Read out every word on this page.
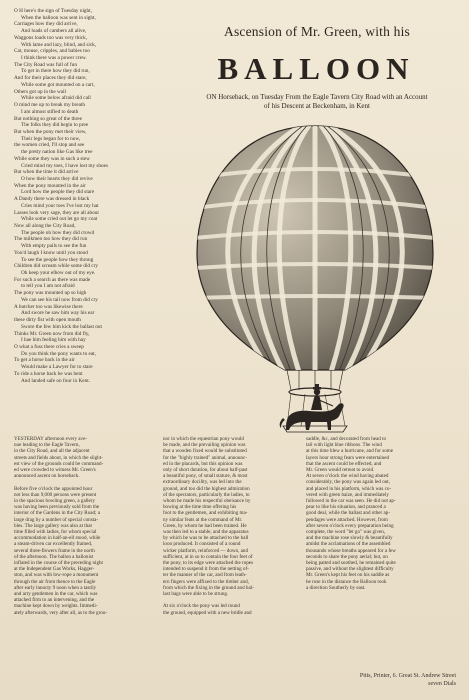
O H here's the sign of Tuesday night,
When the balloon was sent in sight,
Carriages how they did arrive,
And loads of cambers all alive,
Waggons loads too was very thick,
With lame and lazy, blind, and sick,
Cat, mouse, cripples, and babies too
I think there was a power crew.
The City Road was full of fun
To get in there how they did run,
And for their places they did stare,
While some got mounted on a cart,
Others got up in the wall
While some below afraid did call
O mind me up to break my breath
I am almost stifled to death
But nothing so great of the three
The folks they did begin to pree
But when the pony met their view,
Their legs began for to now,
the women cried, I'll stop and see
the pretty nation like Gas like tree
While some they was in such a stew
Cried mind my toes, I have lost my shoes
But when the time it did arrive
O how their hearts they did revive
When the pony mounted in the air
Lord how the people they did stare
A Dandy there was dressed in black
Cries mind your toes I've lost my hat
Lasses look very sage, they are all about
While some cried out let go my coat
Now all along the City Road,
The people oh how they did crowd
The milkmen too how they did run
With empty pails to see the fun
You'd laugh I know until you stood
To see the people how they throng
Children did scream while some did cry
Oh keep your elbow out of my eye.
For such a search as there was made
to tell you I am not afraid
The pony was mounted up so high
We can see his tail now from did cry
A butcher too was likewise there
And swore he saw him way his ear
these dirty fist with open mouth
Swore the few him kick the ballast out
Thinks Mr. Green now from did fly,
I hae him feeling him with hay
O what a fuss there cries a sweep
Do you think the pony wants to eat,
To get a horse back in the air
Would make a Lawyer for to stare
To ride a horse back he was bent
And landed safe on four in Kent.
Ascension of Mr. Green, with his
BALLOON
ON Horseback, on Tuesday From the Eagle Tavern City Road with an Account
of his Descent at Beckenham, in Kent
YESTERDAY afternoon every ave-
nue leading to the Eagle Tavern,
in the City Road, and all the adjacent
streets and fields about, in which the slight-
est view of the grounds could be command-
ed were crowded to witness Mr. Green's
announced ascent on horseback.

Before five o'clock the appointed hour
not less than 9,000 persons were present
in the spacious bowling green, a gallery
was having been previously sold from the
interior of the Gardens in the City Road; a
large drag by a number of special consta-
bles. The large gallery was also at that
time filled with ladies, for whom special
accommodation in half-an-ell stood, while
a steam-driven car excellently framed,
several three-flowers frame in the north
of the afternoon. The ballon a ballonist
inflated in the course of the preceding night
at the Independent Gas Works, Hagger-
ston, and was with low-rope a monument
through the air from thence to the Eagle
after early innocty 9 noon when a tastily
and arry gentlemen in the car, which was
attached firm to an intervening, and the
machine kept down by weights. Immedi-
ately afterwards, very after all, as to the grou-
nor in which the equestrian pony would
be made, and the prevailing opinion was
that a wooden fixed would be substituted
for the "highly trained" animal, announc-
ed in the placards, but this opinion was
only of short duration, for about half-past
a beautiful pony, of small stature, & most
extraordinary docility, was led into the
ground, and too did the highest admiration
of the spectators, particularly the ladies, to
whom he made his respectful obeisance by
bowing at the time time offering his
foot to the gentlemen, and exhibiting ma-
ny similar feats at the command of Mr.
Green, by whom he had been trained. He
was then led to a stable, and the apparatus
by which he was to be attached to the ball
loon produced. It consisted of a round
wicker platform, reinforced — down, and
sufficient, at in so to contain the four feet of
the pony, to its edge were attached the ropes
intended to suspend it from the netting of-
ter the manner of the car, and from leath-
ern fingers were affixed to the timber and,
from which the fixing in the ground and bal-
last bags were able to be strung.

At six o'clock the pony was led round
the ground, equipped with a new bridle and
saddle, &c, and decorated from head to
tail with light blue ribbons. The wind
at this time blew a hurricane, and for some
layers hour strong fears were entertained
that the ascent could be effected, and
Mr. Green would retreat to avoid.
At seven o'clock the wind having abated
considerably, the pony was again led out,
and placed in his platform, which was co-
vered with green baize, and immediately
followed in the car was seen. He did not ap-
pear to like his situation, and pranced a
good deal, while the ballast and other ap-
pendages were attached. However, from
after seven o'clock every preparation being
complete, the word "let go" was given,
and the machine rose slowly & beautifully
amidst the acclamations of the assembled
thousands whose breaths appeared for a few
seconds to share the pony aerial; but, on
being patted and soothed, he remained quite
passive, and without the slightest difficulty
Mr. Green's kept his feet on his saddle as
he rose in the distance the Balloon took
a direction Southerly by east.
Pitts, Printer, 6. Great St. Andrew Street
seven Dials
